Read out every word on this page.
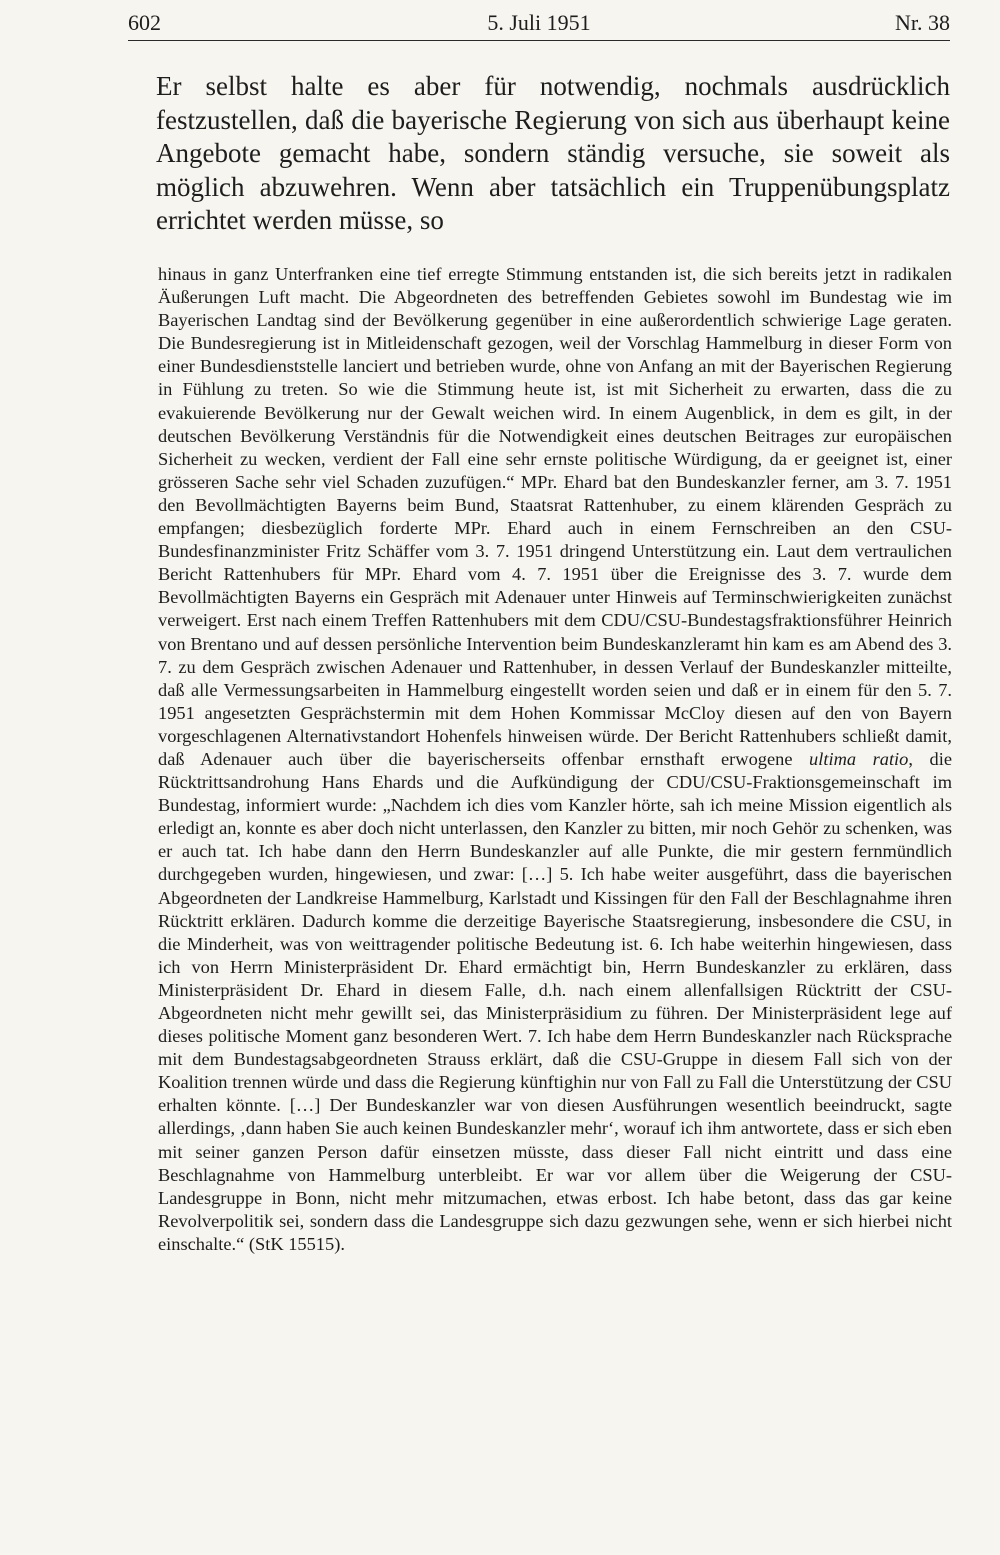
602	5. Juli 1951	Nr. 38

Er selbst halte es aber für notwendig, nochmals ausdrücklich festzustellen, daß die bayerische Regierung von sich aus überhaupt keine Angebote gemacht habe, sondern ständig versuche, sie soweit als möglich abzuwehren. Wenn aber tatsächlich ein Truppenübungsplatz errichtet werden müsse, so

hinaus in ganz Unterfranken eine tief erregte Stimmung entstanden ist, die sich bereits jetzt in radikalen Äußerungen Luft macht. Die Abgeordneten des betreffenden Gebietes sowohl im Bundestag wie im Bayerischen Landtag sind der Bevölkerung gegenüber in eine außerordentlich schwierige Lage geraten. Die Bundesregierung ist in Mitleidenschaft gezogen, weil der Vorschlag Hammelburg in dieser Form von einer Bundesdienststelle lanciert und betrieben wurde, ohne von Anfang an mit der Bayerischen Regierung in Fühlung zu treten. So wie die Stimmung heute ist, ist mit Sicherheit zu erwarten, dass die zu evakuierende Bevölkerung nur der Gewalt weichen wird. In einem Augenblick, in dem es gilt, in der deutschen Bevölkerung Verständnis für die Notwendigkeit eines deutschen Beitrages zur europäischen Sicherheit zu wecken, verdient der Fall eine sehr ernste politische Würdigung, da er geeignet ist, einer grösseren Sache sehr viel Schaden zuzufügen.“ MPr. Ehard bat den Bundeskanzler ferner, am 3. 7. 1951 den Bevollmächtigten Bayerns beim Bund, Staatsrat Rattenhuber, zu einem klärenden Gespräch zu empfangen; diesbezüglich forderte MPr. Ehard auch in einem Fernschreiben an den CSU-Bundesfinanzminister Fritz Schäffer vom 3. 7. 1951 dringend Unterstützung ein. Laut dem vertraulichen Bericht Rattenhubers für MPr. Ehard vom 4. 7. 1951 über die Ereignisse des 3. 7. wurde dem Bevollmächtigten Bayerns ein Gespräch mit Adenauer unter Hinweis auf Terminschwierigkeiten zunächst verweigert. Erst nach einem Treffen Rattenhubers mit dem CDU/CSU-Bundestagsfraktionsführer Heinrich von Brentano und auf dessen persönliche Intervention beim Bundeskanzleramt hin kam es am Abend des 3. 7. zu dem Gespräch zwischen Adenauer und Rattenhuber, in dessen Verlauf der Bundeskanzler mitteilte, daß alle Vermessungsarbeiten in Hammelburg eingestellt worden seien und daß er in einem für den 5. 7. 1951 angesetzten Gesprächstermin mit dem Hohen Kommissar McCloy diesen auf den von Bayern vorgeschlagenen Alternativstandort Hohenfels hinweisen würde. Der Bericht Rattenhubers schließt damit, daß Adenauer auch über die bayerischerseits offenbar ernsthaft erwogene ultima ratio, die Rücktrittsandrohung Hans Ehards und die Aufkündigung der CDU/CSU-Fraktionsgemeinschaft im Bundestag, informiert wurde: „Nachdem ich dies vom Kanzler hörte, sah ich meine Mission eigentlich als erledigt an, konnte es aber doch nicht unterlassen, den Kanzler zu bitten, mir noch Gehör zu schenken, was er auch tat. Ich habe dann den Herrn Bundeskanzler auf alle Punkte, die mir gestern fernmündlich durchgegeben wurden, hingewiesen, und zwar: […] 5. Ich habe weiter ausgeführt, dass die bayerischen Abgeordneten der Landkreise Hammelburg, Karlstadt und Kissingen für den Fall der Beschlagnahme ihren Rücktritt erklären. Dadurch komme die derzeitige Bayerische Staatsregierung, insbesondere die CSU, in die Minderheit, was von weittragender politische Bedeutung ist. 6. Ich habe weiterhin hingewiesen, dass ich von Herrn Ministerpräsident Dr. Ehard ermächtigt bin, Herrn Bundeskanzler zu erklären, dass Ministerpräsident Dr. Ehard in diesem Falle, d.h. nach einem allenfallsigen Rücktritt der CSU-Abgeordneten nicht mehr gewillt sei, das Ministerpräsidium zu führen. Der Ministerpräsident lege auf dieses politische Moment ganz besonderen Wert. 7. Ich habe dem Herrn Bundeskanzler nach Rücksprache mit dem Bundestagsabgeordneten Strauss erklärt, daß die CSU-Gruppe in diesem Fall sich von der Koalition trennen würde und dass die Regierung künftighin nur von Fall zu Fall die Unterstützung der CSU erhalten könnte. […] Der Bundeskanzler war von diesen Ausführungen wesentlich beeindruckt, sagte allerdings, ‚dann haben Sie auch keinen Bundeskanzler mehr‘, worauf ich ihm antwortete, dass er sich eben mit seiner ganzen Person dafür einsetzen müsste, dass dieser Fall nicht eintritt und dass eine Beschlagnahme von Hammelburg unterbleibt. Er war vor allem über die Weigerung der CSU-Landesgruppe in Bonn, nicht mehr mitzumachen, etwas erbost. Ich habe betont, dass das gar keine Revolverpolitik sei, sondern dass die Landesgruppe sich dazu gezwungen sehe, wenn er sich hierbei nicht einschalte.“ (StK 15515).
